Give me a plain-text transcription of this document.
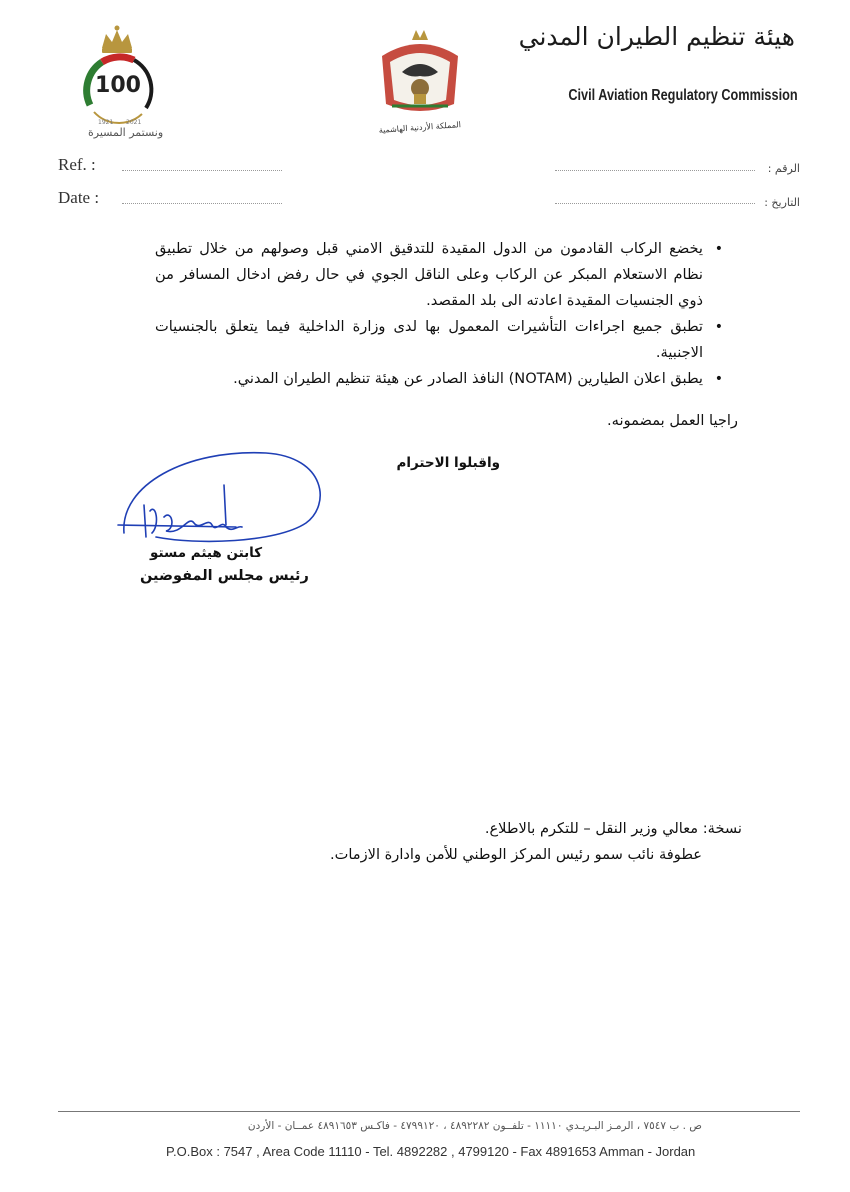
100
1921 2021
ونستمر المسيرة	المملكة الأردنية الهاشمية
هيئة تنظيم الطيران المدني
Civil Aviation Regulatory Commission
Ref. :
Date :
الرقم :
التاريخ :
• يخضع الركاب القادمون من الدول المقيدة للتدقيق الامني قبل وصولهم من خلال تطبيق نظام الاستعلام المبكر عن الركاب وعلى الناقل الجوي في حال رفض ادخال المسافر من ذوي الجنسيات المقيدة اعادته الى بلد المقصد.
• تطبق جميع اجراءات التأشيرات المعمول بها لدى وزارة الداخلية فيما يتعلق بالجنسيات الاجنبية.
• يطبق اعلان الطيارين (NOTAM) النافذ الصادر عن هيئة تنظيم الطيران المدني.
راجيا العمل بمضمونه.
واقبلوا الاحترام
كابتن هيثم مستو
رئيس مجلس المفوضين
نسخة: معالي وزير النقل – للتكرم بالاطلاع.
عطوفة نائب سمو رئيس المركز الوطني للأمن وادارة الازمات.
ص . ب ٧٥٤٧ ، الرمـز البـريـدي ١١١١٠ - تلفــون ٤٨٩٢٢٨٢ ، ٤٧٩٩١٢٠ - فاكـس ٤٨٩١٦٥٣ عمــان - الأردن
P.O.Box : 7547 , Area Code 11110 - Tel. 4892282 , 4799120 - Fax 4891653 Amman - Jordan
